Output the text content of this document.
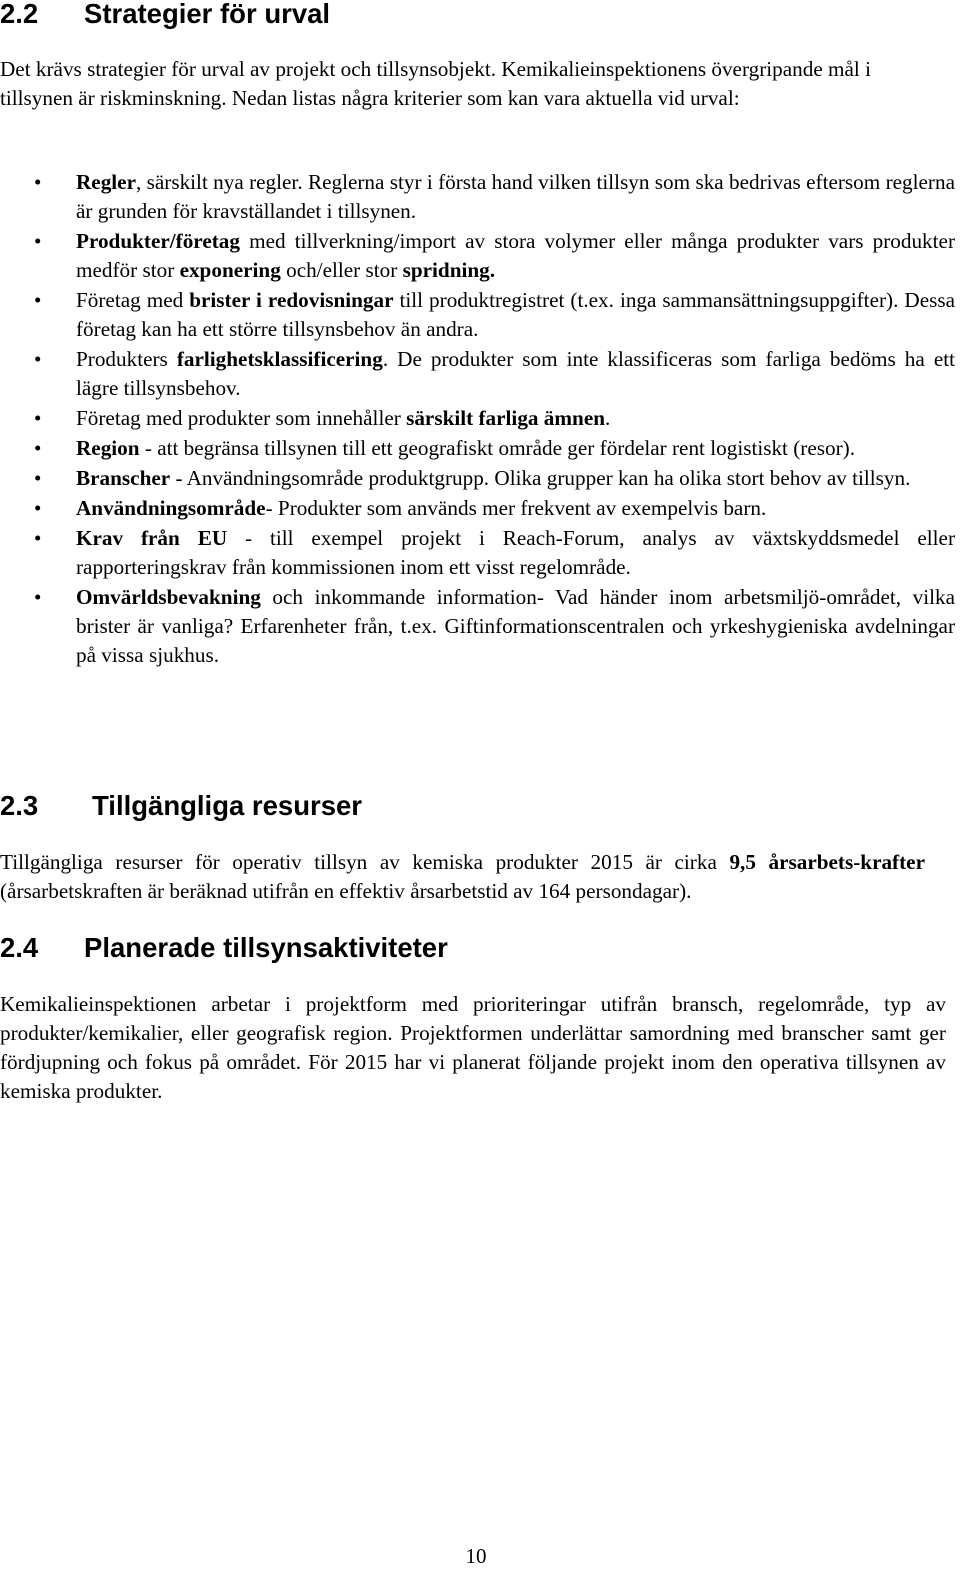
2.2 Strategier för urval

Det krävs strategier för urval av projekt och tillsynsobjekt. Kemikalieinspektionens övergripande mål i tillsynen är riskminskning. Nedan listas några kriterier som kan vara aktuella vid urval:

• Regler, särskilt nya regler. Reglerna styr i första hand vilken tillsyn som ska bedrivas eftersom reglerna är grunden för kravställandet i tillsynen.
• Produkter/företag med tillverkning/import av stora volymer eller många produkter vars produkter medför stor exponering och/eller stor spridning.
• Företag med brister i redovisningar till produktregistret (t.ex. inga sammansättningsuppgifter). Dessa företag kan ha ett större tillsynsbehov än andra.
• Produkters farlighetsklassificering. De produkter som inte klassificeras som farliga bedöms ha ett lägre tillsynsbehov.
• Företag med produkter som innehåller särskilt farliga ämnen.
• Region - att begränsa tillsynen till ett geografiskt område ger fördelar rent logistiskt (resor).
• Branscher - Användningsområde produktgrupp. Olika grupper kan ha olika stort behov av tillsyn.
• Användningsområde- Produkter som används mer frekvent av exempelvis barn.
• Krav från EU - till exempel projekt i Reach-Forum, analys av växtskyddsmedel eller rapporteringskrav från kommissionen inom ett visst regelområde.
• Omvärldsbevakning och inkommande information- Vad händer inom arbetsmiljö-området, vilka brister är vanliga? Erfarenheter från, t.ex. Giftinformationscentralen och yrkeshygieniska avdelningar på vissa sjukhus.
2.3 Tillgängliga resurser

Tillgängliga resurser för operativ tillsyn av kemiska produkter 2015 är cirka 9,5 årsarbets-krafter (årsarbetskraften är beräknad utifrån en effektiv årsarbetstid av 164 persondagar).

2.4 Planerade tillsynsaktiviteter

Kemikalieinspektionen arbetar i projektform med prioriteringar utifrån bransch, regelområde, typ av produkter/kemikalier, eller geografisk region. Projektformen underlättar samordning med branscher samt ger fördjupning och fokus på området. För 2015 har vi planerat följande projekt inom den operativa tillsynen av kemiska produkter.

10
